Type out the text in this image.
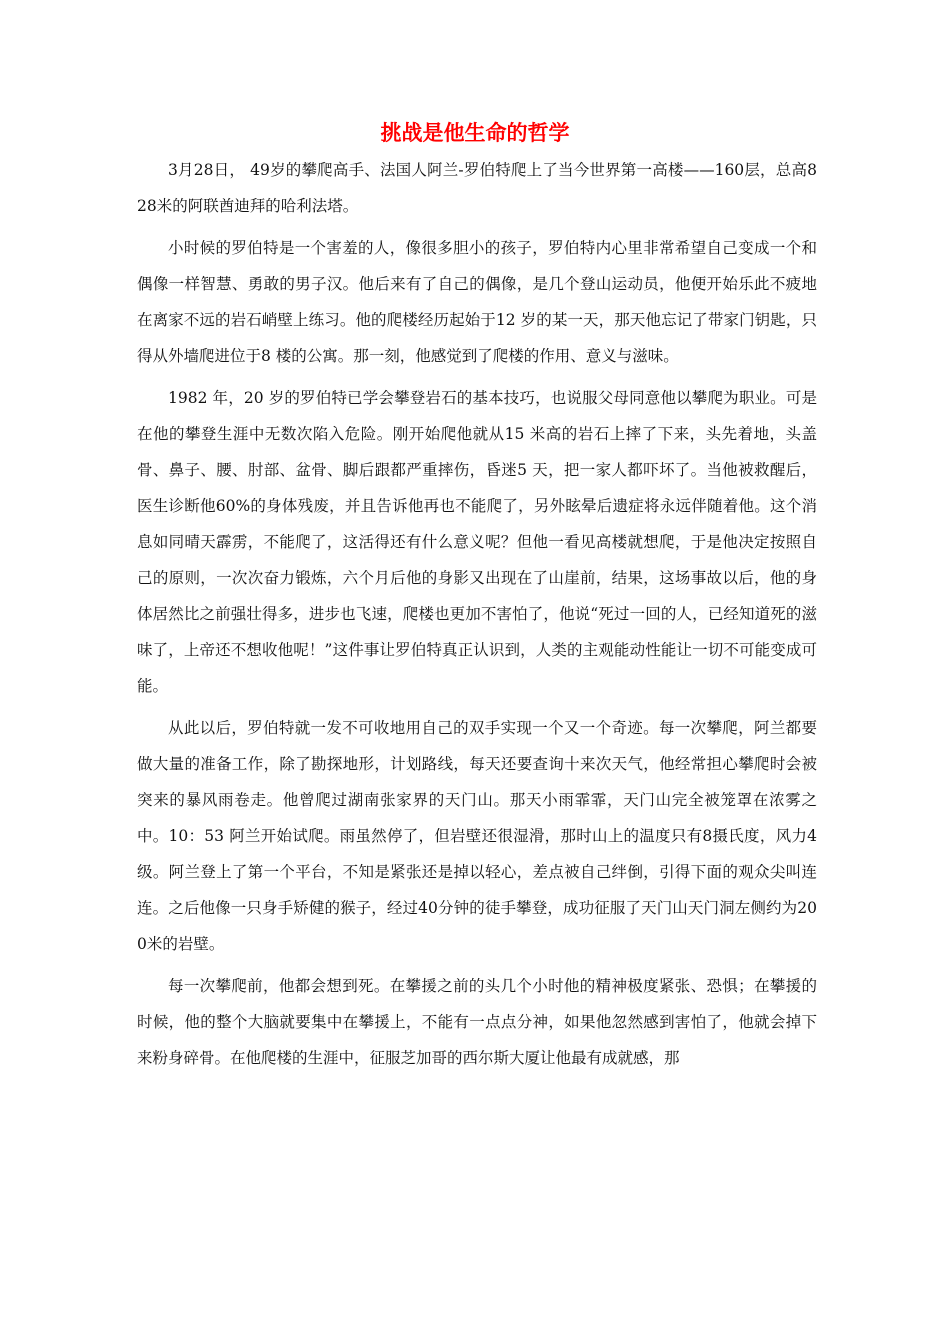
挑战是他生命的哲学

3月28日， 49岁的攀爬高手、法国人阿兰-罗伯特爬上了当今世界第一高楼——160层，总高828米的阿联酋迪拜的哈利法塔。

小时候的罗伯特是一个害羞的人，像很多胆小的孩子，罗伯特内心里非常希望自己变成一个和偶像一样智慧、勇敢的男子汉。他后来有了自己的偶像，是几个登山运动员，他便开始乐此不疲地在离家不远的岩石峭壁上练习。他的爬楼经历起始于12 岁的某一天，那天他忘记了带家门钥匙，只得从外墙爬进位于8 楼的公寓。那一刻，他感觉到了爬楼的作用、意义与滋味。

1982 年，20 岁的罗伯特已学会攀登岩石的基本技巧，也说服父母同意他以攀爬为职业。可是在他的攀登生涯中无数次陷入危险。刚开始爬他就从15 米高的岩石上摔了下来，头先着地，头盖骨、鼻子、腰、肘部、盆骨、脚后跟都严重摔伤，昏迷5 天，把一家人都吓坏了。当他被救醒后，医生诊断他60%的身体残废，并且告诉他再也不能爬了，另外眩晕后遗症将永远伴随着他。这个消息如同晴天霹雳，不能爬了，这活得还有什么意义呢？但他一看见高楼就想爬，于是他决定按照自己的原则，一次次奋力锻炼，六个月后他的身影又出现在了山崖前，结果，这场事故以后，他的身体居然比之前强壮得多，进步也飞速，爬楼也更加不害怕了，他说“死过一回的人，已经知道死的滋味了，上帝还不想收他呢！”这件事让罗伯特真正认识到，人类的主观能动性能让一切不可能变成可能。

从此以后，罗伯特就一发不可收地用自己的双手实现一个又一个奇迹。每一次攀爬，阿兰都要做大量的准备工作，除了勘探地形，计划路线，每天还要查询十来次天气，他经常担心攀爬时会被突来的暴风雨卷走。他曾爬过湖南张家界的天门山。那天小雨霏霏，天门山完全被笼罩在浓雾之中。10：53 阿兰开始试爬。雨虽然停了，但岩壁还很湿滑，那时山上的温度只有8摄氏度，风力4级。阿兰登上了第一个平台，不知是紧张还是掉以轻心，差点被自己绊倒，引得下面的观众尖叫连连。之后他像一只身手矫健的猴子，经过40分钟的徒手攀登，成功征服了天门山天门洞左侧约为200米的岩壁。

每一次攀爬前，他都会想到死。在攀援之前的头几个小时他的精神极度紧张、恐惧；在攀援的时候，他的整个大脑就要集中在攀援上，不能有一点点分神，如果他忽然感到害怕了，他就会掉下来粉身碎骨。在他爬楼的生涯中，征服芝加哥的西尔斯大厦让他最有成就感，那
